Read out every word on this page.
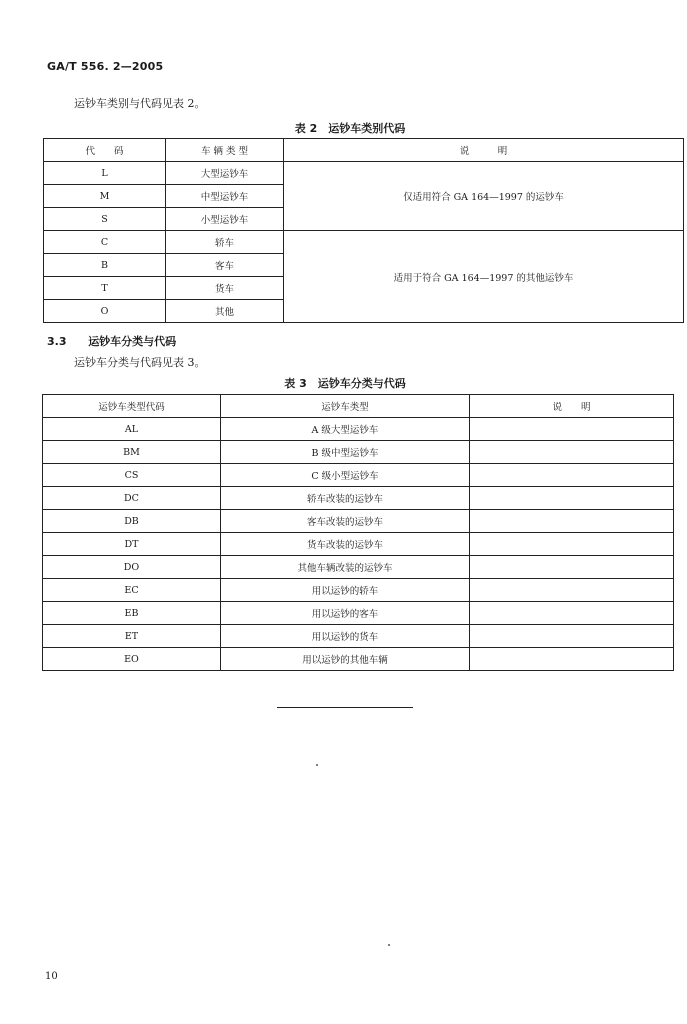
GA/T 556. 2—2005
运钞车类别与代码见表 2。
表 2　运钞车类别代码
代　　码	车 辆 类 型	说　　　明
L	大型运钞车	仅适用符合 GA 164—1997 的运钞车
M	中型运钞车	
S	小型运钞车	
C	轿车	适用于符合 GA 164—1997 的其他运钞车
B	客车	
T	货车	
O	其他	
3.3 运钞车分类与代码
运钞车分类与代码见表 3。
表 3　运钞车分类与代码
运钞车类型代码	运钞车类型	说　　明
AL	A 级大型运钞车	
BM	B 级中型运钞车	
CS	C 级小型运钞车	
DC	轿车改装的运钞车	
DB	客车改装的运钞车	
DT	货车改装的运钞车	
DO	其他车辆改装的运钞车	
EC	用以运钞的轿车	
EB	用以运钞的客车	
ET	用以运钞的货车	
EO	用以运钞的其他车辆	
10
